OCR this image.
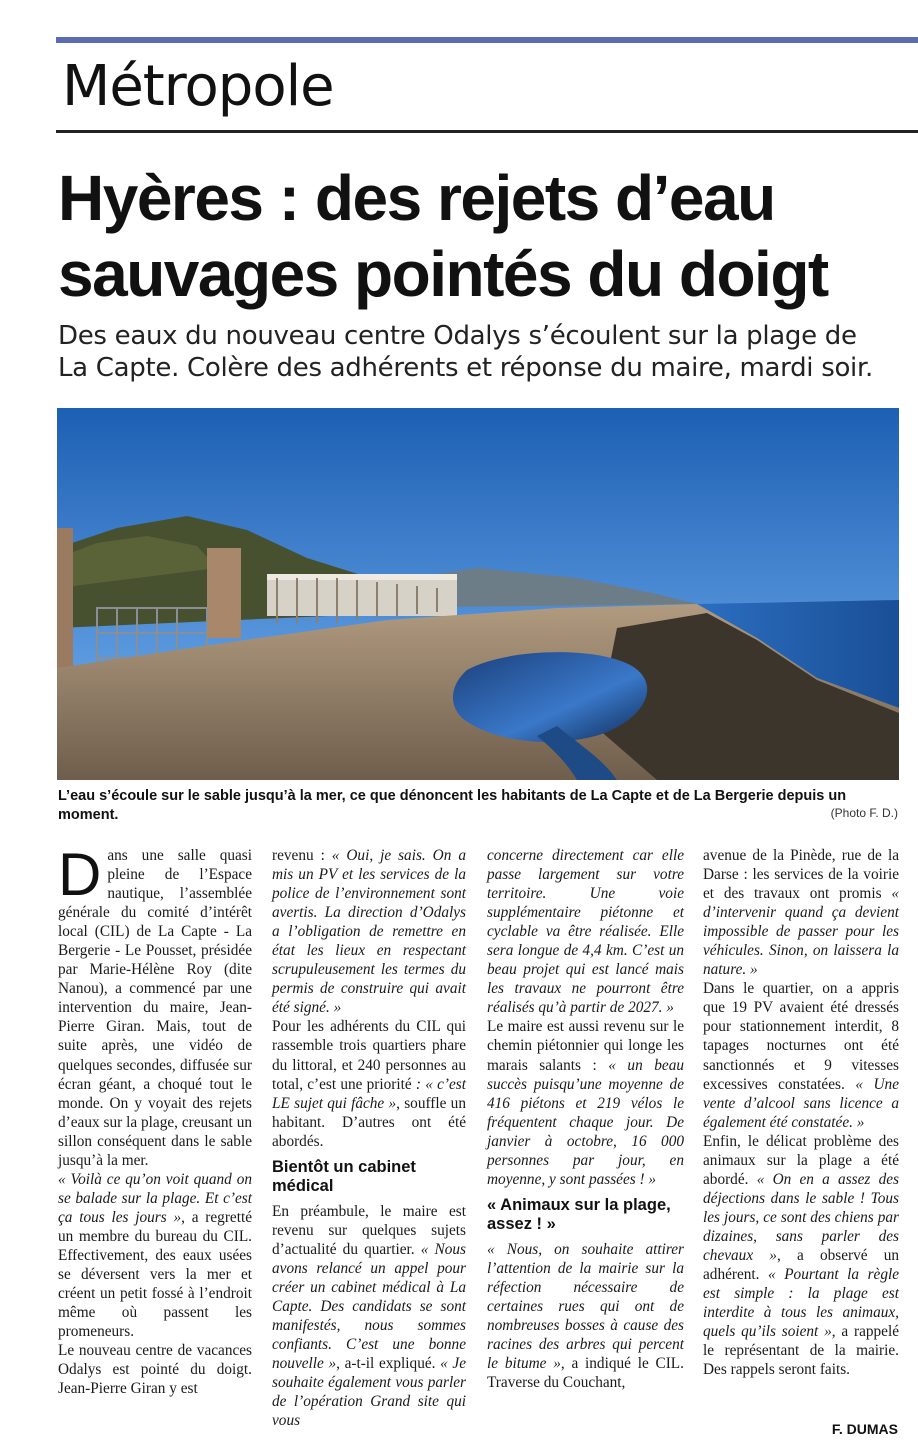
Métropole
Hyères : des rejets d’eau
sauvages pointés du doigt
Des eaux du nouveau centre Odalys s’écoulent sur la plage de
La Capte. Colère des adhérents et réponse du maire, mardi soir.
L’eau s’écoule sur le sable jusqu’à la mer, ce que dénoncent les habitants de La Capte et de La Bergerie depuis un moment.	(Photo F. D.)

Dans une salle quasi pleine de l’Espace nautique, l’assemblée générale du comité d’intérêt local (CIL) de La Capte - La Bergerie - Le Pousset, présidée par Marie-Hélène Roy (dite Nanou), a commencé par une intervention du maire, Jean-Pierre Giran. Mais, tout de suite après, une vidéo de quelques secondes, diffusée sur écran géant, a choqué tout le monde. On y voyait des rejets d’eaux sur la plage, creusant un sillon conséquent dans le sable jusqu’à la mer.

« Voilà ce qu’on voit quand on se balade sur la plage. Et c’est ça tous les jours », a regretté un membre du bureau du CIL. Effectivement, des eaux usées se déversent vers la mer et créent un petit fossé à l’endroit même où passent les promeneurs.

Le nouveau centre de vacances Odalys est pointé du doigt. Jean-Pierre Giran y est

revenu : « Oui, je sais. On a mis un PV et les services de la police de l’environnement sont avertis. La direction d’Odalys a l’obligation de remettre en état les lieux en respectant scrupuleusement les termes du permis de construire qui avait été signé. »

Pour les adhérents du CIL qui rassemble trois quartiers phare du littoral, et 240 personnes au total, c’est une priorité : « c’est LE sujet qui fâche », souffle un habitant. D’autres ont été abordés.

Bientôt un cabinet médical

En préambule, le maire est revenu sur quelques sujets d’actualité du quartier. « Nous avons relancé un appel pour créer un cabinet médical à La Capte. Des candidats se sont manifestés, nous sommes confiants. C’est une bonne nouvelle », a-t-il expliqué. « Je souhaite également vous parler de l’opération Grand site qui vous

concerne directement car elle passe largement sur votre territoire. Une voie supplémentaire piétonne et cyclable va être réalisée. Elle sera longue de 4,4 km. C’est un beau projet qui est lancé mais les travaux ne pourront être réalisés qu’à partir de 2027. »

Le maire est aussi revenu sur le chemin piétonnier qui longe les marais salants : « un beau succès puisqu’une moyenne de 416 piétons et 219 vélos le fréquentent chaque jour. De janvier à octobre, 16 000 personnes par jour, en moyenne, y sont passées ! »

« Animaux sur la plage, assez ! »

« Nous, on souhaite attirer l’attention de la mairie sur la réfection nécessaire de certaines rues qui ont de nombreuses bosses à cause des racines des arbres qui percent le bitume », a indiqué le CIL. Traverse du Couchant,

avenue de la Pinède, rue de la Darse : les services de la voirie et des travaux ont promis « d’intervenir quand ça devient impossible de passer pour les véhicules. Sinon, on laissera la nature. »

Dans le quartier, on a appris que 19 PV avaient été dressés pour stationnement interdit, 8 tapages nocturnes ont été sanctionnés et 9 vitesses excessives constatées. « Une vente d’alcool sans licence a également été constatée. »

Enfin, le délicat problème des animaux sur la plage a été abordé. « On en a assez des déjections dans le sable ! Tous les jours, ce sont des chiens par dizaines, sans parler des chevaux », a observé un adhérent. « Pourtant la règle est simple : la plage est interdite à tous les animaux, quels qu’ils soient », a rappelé le représentant de la mairie. Des rappels seront faits.

F. DUMAS
